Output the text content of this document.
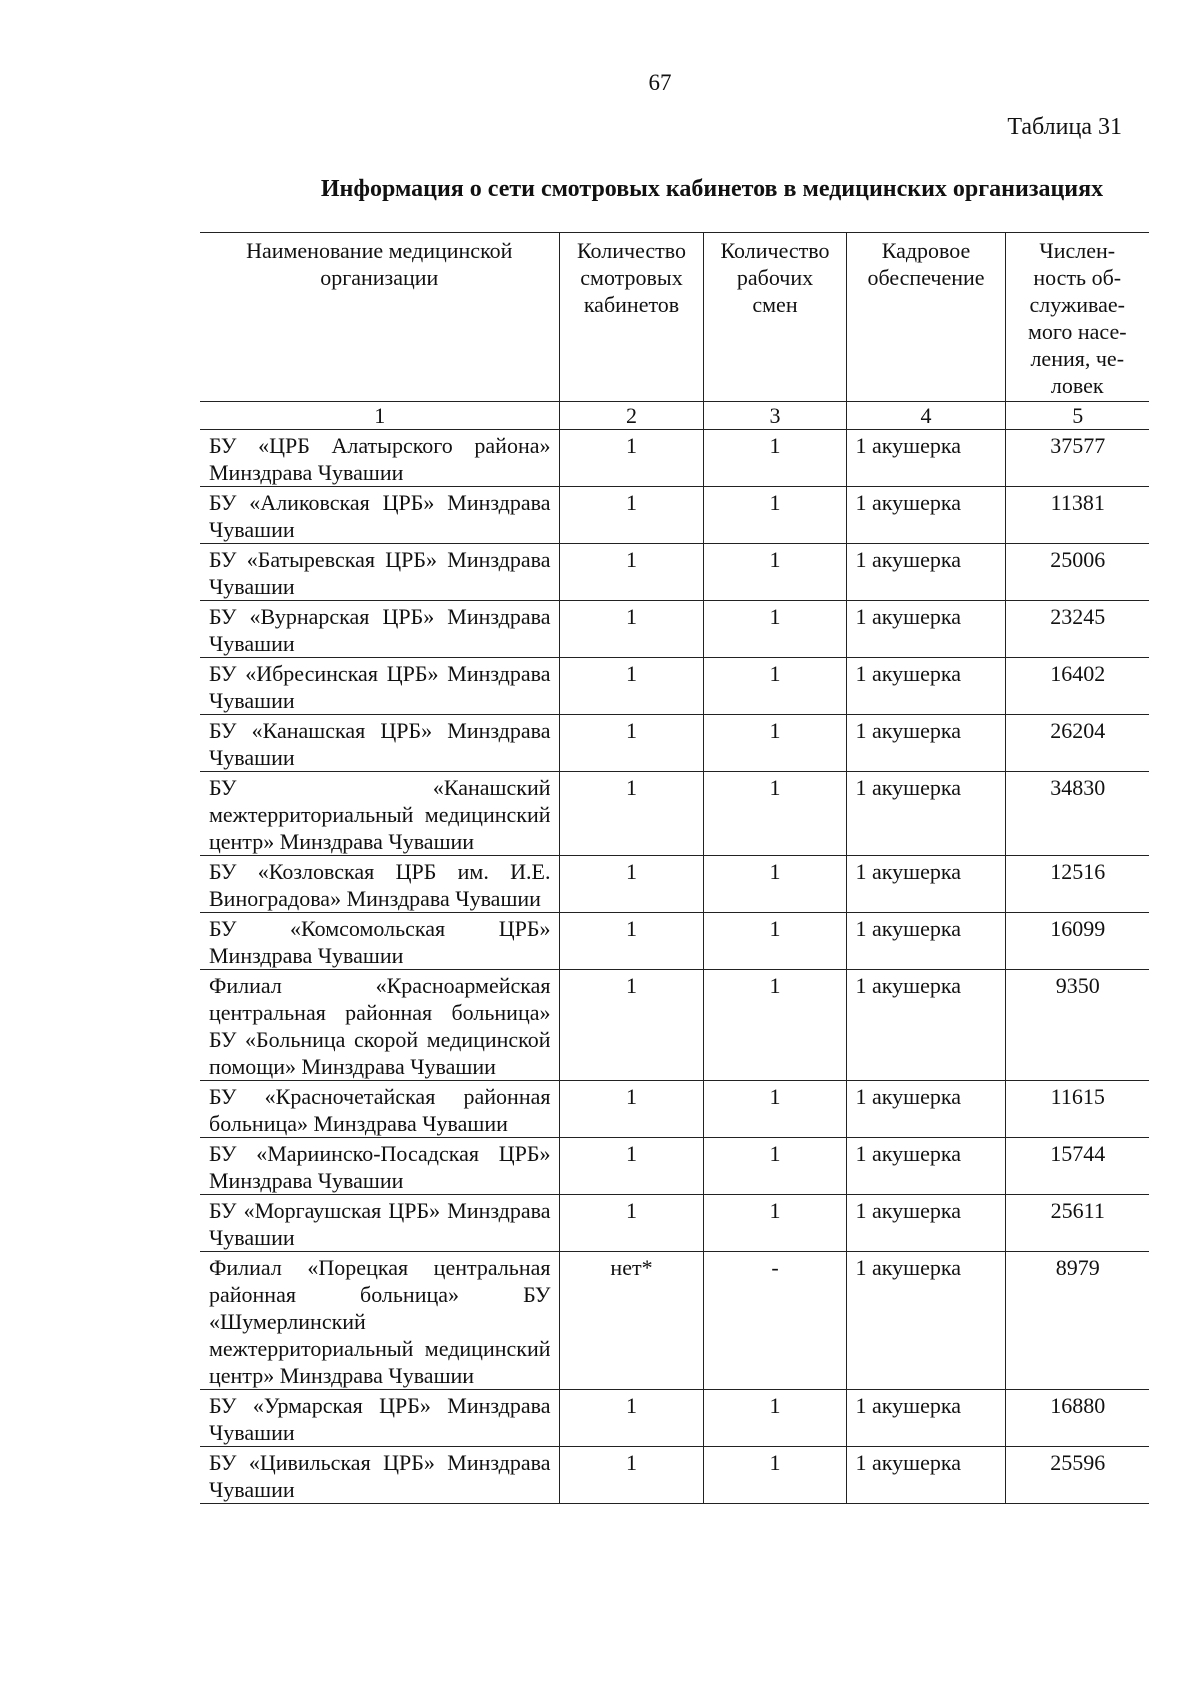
67
Таблица 31
Информация о сети смотровых кабинетов в медицинских организациях
Наименование медицинской организации	Количество смотровых кабинетов	Количество рабочих смен	Кадровое обеспечение	Числен- ность об- служивае- мого насе- ления, че- ловек
1	2	3	4	5
БУ «ЦРБ Алатырского района» Минздрава Чувашии	1	1	1 акушерка	37577
БУ «Аликовская ЦРБ» Минздрава Чувашии	1	1	1 акушерка	11381
БУ «Батыревская ЦРБ» Минздрава Чувашии	1	1	1 акушерка	25006
БУ «Вурнарская ЦРБ» Минздрава Чувашии	1	1	1 акушерка	23245
БУ «Ибресинская ЦРБ» Минздрава Чувашии	1	1	1 акушерка	16402
БУ «Канашская ЦРБ» Минздрава Чувашии	1	1	1 акушерка	26204
БУ «Канашский межтерриториальный медицинский центр» Минздрава Чувашии	1	1	1 акушерка	34830
БУ «Козловская ЦРБ им. И.Е. Виноградова» Минздрава Чувашии	1	1	1 акушерка	12516
БУ «Комсомольская ЦРБ» Минздрава Чувашии	1	1	1 акушерка	16099
Филиал «Красноармейская центральная районная больница» БУ «Больница скорой медицинской помощи» Минздрава Чувашии	1	1	1 акушерка	9350
БУ «Красночетайская районная больница» Минздрава Чувашии	1	1	1 акушерка	11615
БУ «Мариинско-Посадская ЦРБ» Минздрава Чувашии	1	1	1 акушерка	15744
БУ «Моргаушская ЦРБ» Минздрава Чувашии	1	1	1 акушерка	25611
Филиал «Порецкая центральная районная больница» БУ «Шумерлинский межтерриториальный медицинский центр» Минздрава Чувашии	нет*	-	1 акушерка	8979
БУ «Урмарская ЦРБ» Минздрава Чувашии	1	1	1 акушерка	16880
БУ «Цивильская ЦРБ» Минздрава Чувашии	1	1	1 акушерка	25596
